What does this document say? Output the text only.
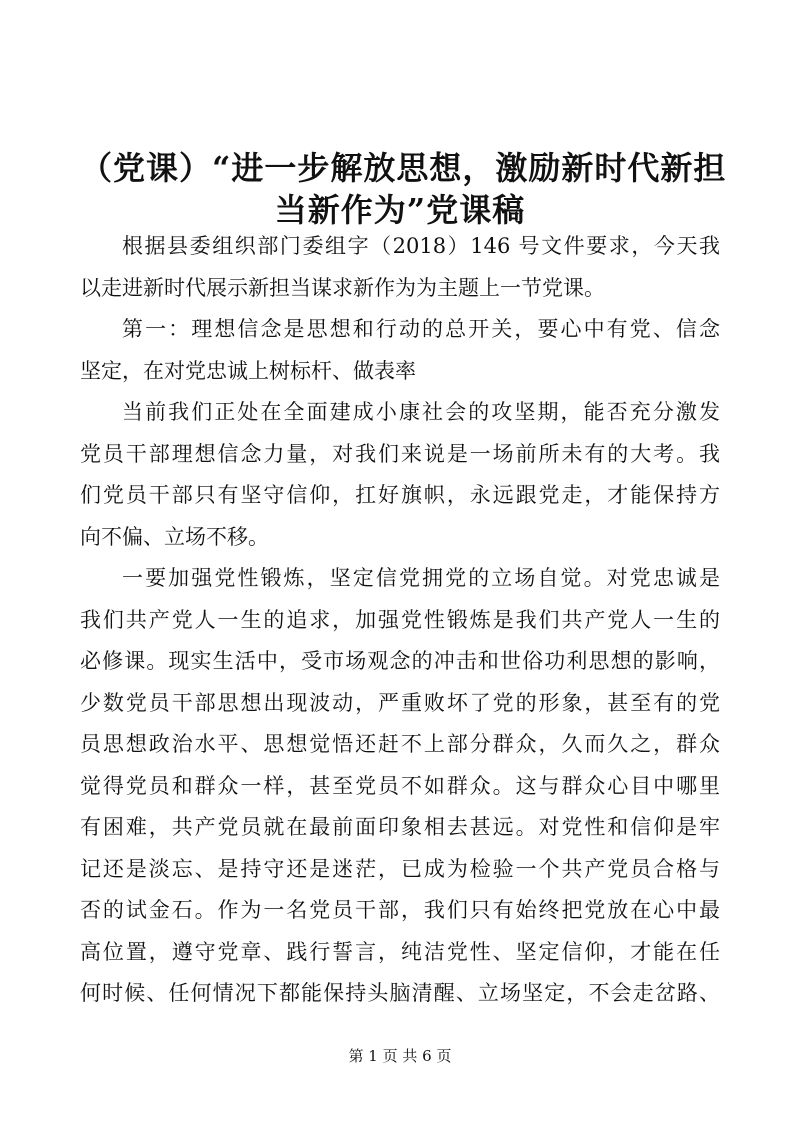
（党课）“进一步解放思想，激励新时代新担
当新作为”党课稿
根据县委组织部门委组字（2018）146 号文件要求，今天我
以走进新时代展示新担当谋求新作为为主题上一节党课。
第一：理想信念是思想和行动的总开关，要心中有党、信念
坚定，在对党忠诚上树标杆、做表率
当前我们正处在全面建成小康社会的攻坚期，能否充分激发
党员干部理想信念力量，对我们来说是一场前所未有的大考。我
们党员干部只有坚守信仰，扛好旗帜，永远跟党走，才能保持方
向不偏、立场不移。
一要加强党性锻炼，坚定信党拥党的立场自觉。对党忠诚是
我们共产党人一生的追求，加强党性锻炼是我们共产党人一生的
必修课。现实生活中，受市场观念的冲击和世俗功利思想的影响，
少数党员干部思想出现波动，严重败坏了党的形象，甚至有的党
员思想政治水平、思想觉悟还赶不上部分群众，久而久之，群众
觉得党员和群众一样，甚至党员不如群众。这与群众心目中哪里
有困难，共产党员就在最前面印象相去甚远。对党性和信仰是牢
记还是淡忘、是持守还是迷茫，已成为检验一个共产党员合格与
否的试金石。作为一名党员干部，我们只有始终把党放在心中最
高位置，遵守党章、践行誓言，纯洁党性、坚定信仰，才能在任
何时候、任何情况下都能保持头脑清醒、立场坚定，不会走岔路、
第 1 页 共 6 页
